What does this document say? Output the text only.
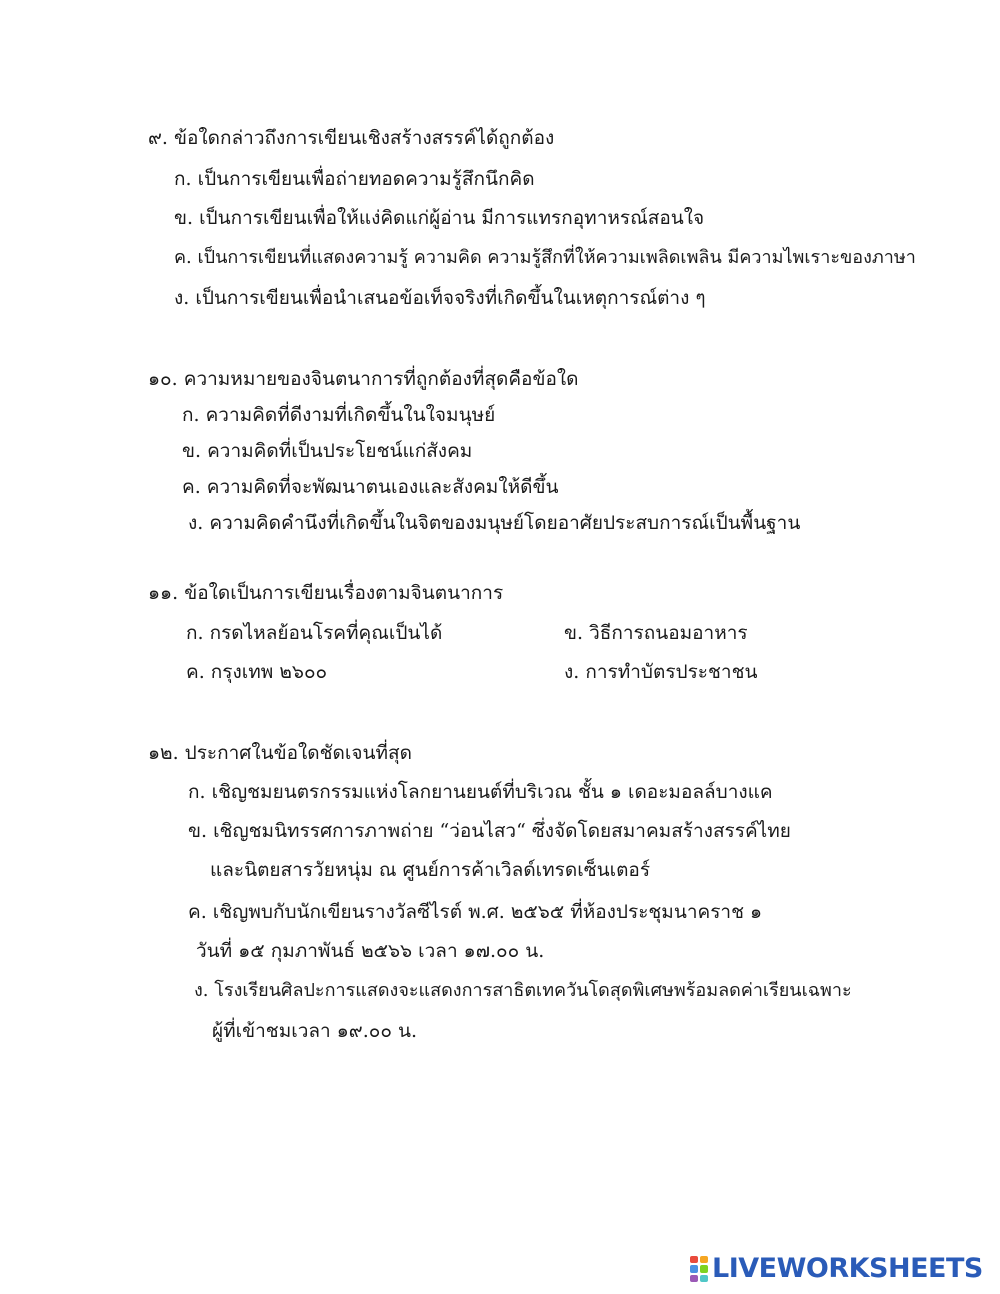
๙. ข้อใดกล่าวถึงการเขียนเชิงสร้างสรรค์ได้ถูกต้อง
ก. เป็นการเขียนเพื่อถ่ายทอดความรู้สึกนึกคิด
ข. เป็นการเขียนเพื่อให้แง่คิดแก่ผู้อ่าน มีการแทรกอุทาหรณ์สอนใจ
ค. เป็นการเขียนที่แสดงความรู้ ความคิด ความรู้สึกที่ให้ความเพลิดเพลิน มีความไพเราะของภาษา
ง. เป็นการเขียนเพื่อนำเสนอข้อเท็จจริงที่เกิดขึ้นในเหตุการณ์ต่าง ๆ
๑๐. ความหมายของจินตนาการที่ถูกต้องที่สุดคือข้อใด
ก. ความคิดที่ดีงามที่เกิดขึ้นในใจมนุษย์
ข. ความคิดที่เป็นประโยชน์แก่สังคม
ค. ความคิดที่จะพัฒนาตนเองและสังคมให้ดีขึ้น
ง. ความคิดคำนึงที่เกิดขึ้นในจิตของมนุษย์โดยอาศัยประสบการณ์เป็นพื้นฐาน
๑๑. ข้อใดเป็นการเขียนเรื่องตามจินตนาการ
ก. กรดไหลย้อนโรคที่คุณเป็นได้	ข. วิธีการถนอมอาหาร
ค. กรุงเทพ ๒๖๐๐	ง. การทำบัตรประชาชน
๑๒. ประกาศในข้อใดชัดเจนที่สุด
ก. เชิญชมยนตรกรรมแห่งโลกยานยนต์ที่บริเวณ ชั้น ๑ เดอะมอลล์บางแค
ข. เชิญชมนิทรรศการภาพถ่าย “ว่อนไสว“ ซึ่งจัดโดยสมาคมสร้างสรรค์ไทย
และนิตยสารวัยหนุ่ม ณ ศูนย์การค้าเวิลด์เทรดเซ็นเตอร์
ค. เชิญพบกับนักเขียนรางวัลซีไรต์ พ.ศ. ๒๕๖๕ ที่ห้องประชุมนาคราช ๑
วันที่ ๑๕ กุมภาพันธ์ ๒๕๖๖ เวลา ๑๗.๐๐ น.
ง. โรงเรียนศิลปะการแสดงจะแสดงการสาธิตเทควันโดสุดพิเศษพร้อมลดค่าเรียนเฉพาะ
ผู้ที่เข้าชมเวลา ๑๙.๐๐ น.
LIVEWORKSHEETS
